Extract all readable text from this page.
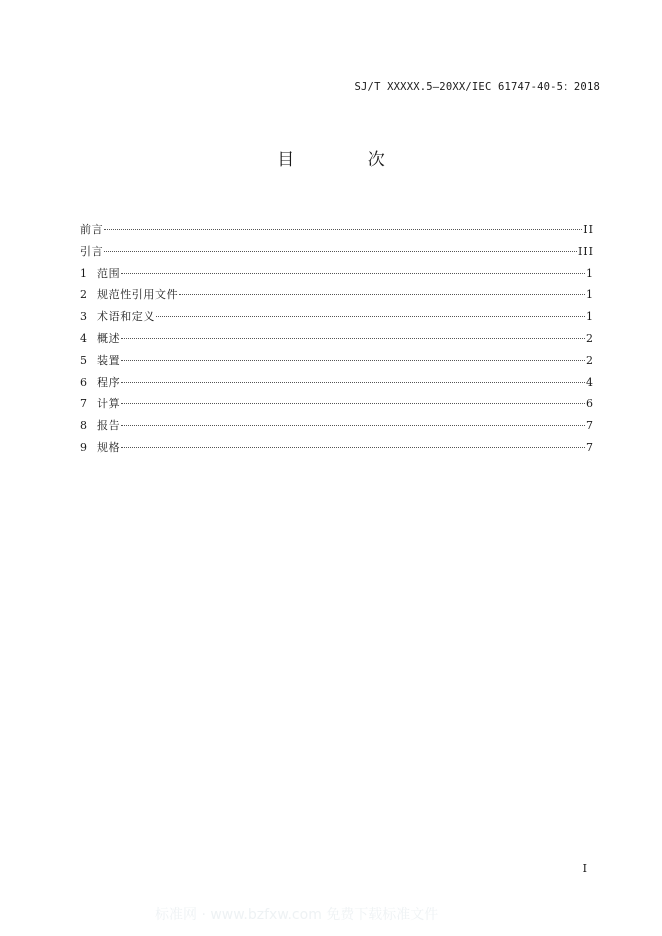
SJ/T XXXXX.5—20XX/IEC 61747-40-5：2018
目 次
前言	II
引言	III
1 范围	1
2 规范性引用文件	1
3 术语和定义	1
4 概述	2
5 装置	2
6 程序	4
7 计算	6
8 报告	7
9 规格	7
I
标准网 · www.bzfxw.com 免费下载标准文件
